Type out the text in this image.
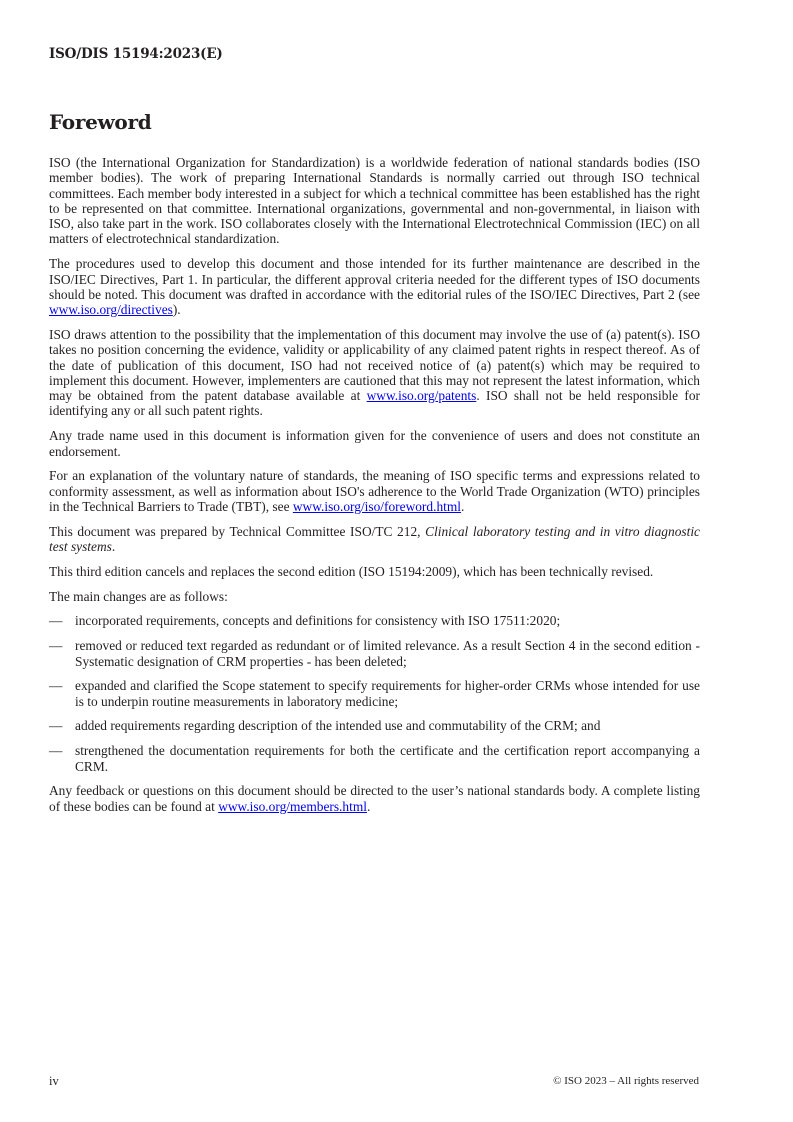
ISO/DIS 15194:2023(E)
Foreword

ISO (the International Organization for Standardization) is a worldwide federation of national standards bodies (ISO member bodies). The work of preparing International Standards is normally carried out through ISO technical committees. Each member body interested in a subject for which a technical committee has been established has the right to be represented on that committee. International organizations, governmental and non-governmental, in liaison with ISO, also take part in the work. ISO collaborates closely with the International Electrotechnical Commission (IEC) on all matters of electrotechnical standardization.

The procedures used to develop this document and those intended for its further maintenance are described in the ISO/IEC Directives, Part 1. In particular, the different approval criteria needed for the different types of ISO documents should be noted. This document was drafted in accordance with the editorial rules of the ISO/IEC Directives, Part 2 (see www.iso.org/directives).

ISO draws attention to the possibility that the implementation of this document may involve the use of (a) patent(s). ISO takes no position concerning the evidence, validity or applicability of any claimed patent rights in respect thereof. As of the date of publication of this document, ISO had not received notice of (a) patent(s) which may be required to implement this document. However, implementers are cautioned that this may not represent the latest information, which may be obtained from the patent database available at www.iso.org/patents. ISO shall not be held responsible for identifying any or all such patent rights.

Any trade name used in this document is information given for the convenience of users and does not constitute an endorsement.

For an explanation of the voluntary nature of standards, the meaning of ISO specific terms and expressions related to conformity assessment, as well as information about ISO's adherence to the World Trade Organization (WTO) principles in the Technical Barriers to Trade (TBT), see www.iso.org/iso/foreword.html.

This document was prepared by Technical Committee ISO/TC 212, Clinical laboratory testing and in vitro diagnostic test systems.

This third edition cancels and replaces the second edition (ISO 15194:2009), which has been technically revised.

The main changes are as follows:

— incorporated requirements, concepts and definitions for consistency with ISO 17511:2020;
— removed or reduced text regarded as redundant or of limited relevance. As a result Section 4 in the second edition - Systematic designation of CRM properties - has been deleted;
— expanded and clarified the Scope statement to specify requirements for higher-order CRMs whose intended for use is to underpin routine measurements in laboratory medicine;
— added requirements regarding description of the intended use and commutability of the CRM; and
— strengthened the documentation requirements for both the certificate and the certification report accompanying a CRM.

Any feedback or questions on this document should be directed to the user’s national standards body. A complete listing of these bodies can be found at www.iso.org/members.html.

iv	© ISO 2023 – All rights reserved
